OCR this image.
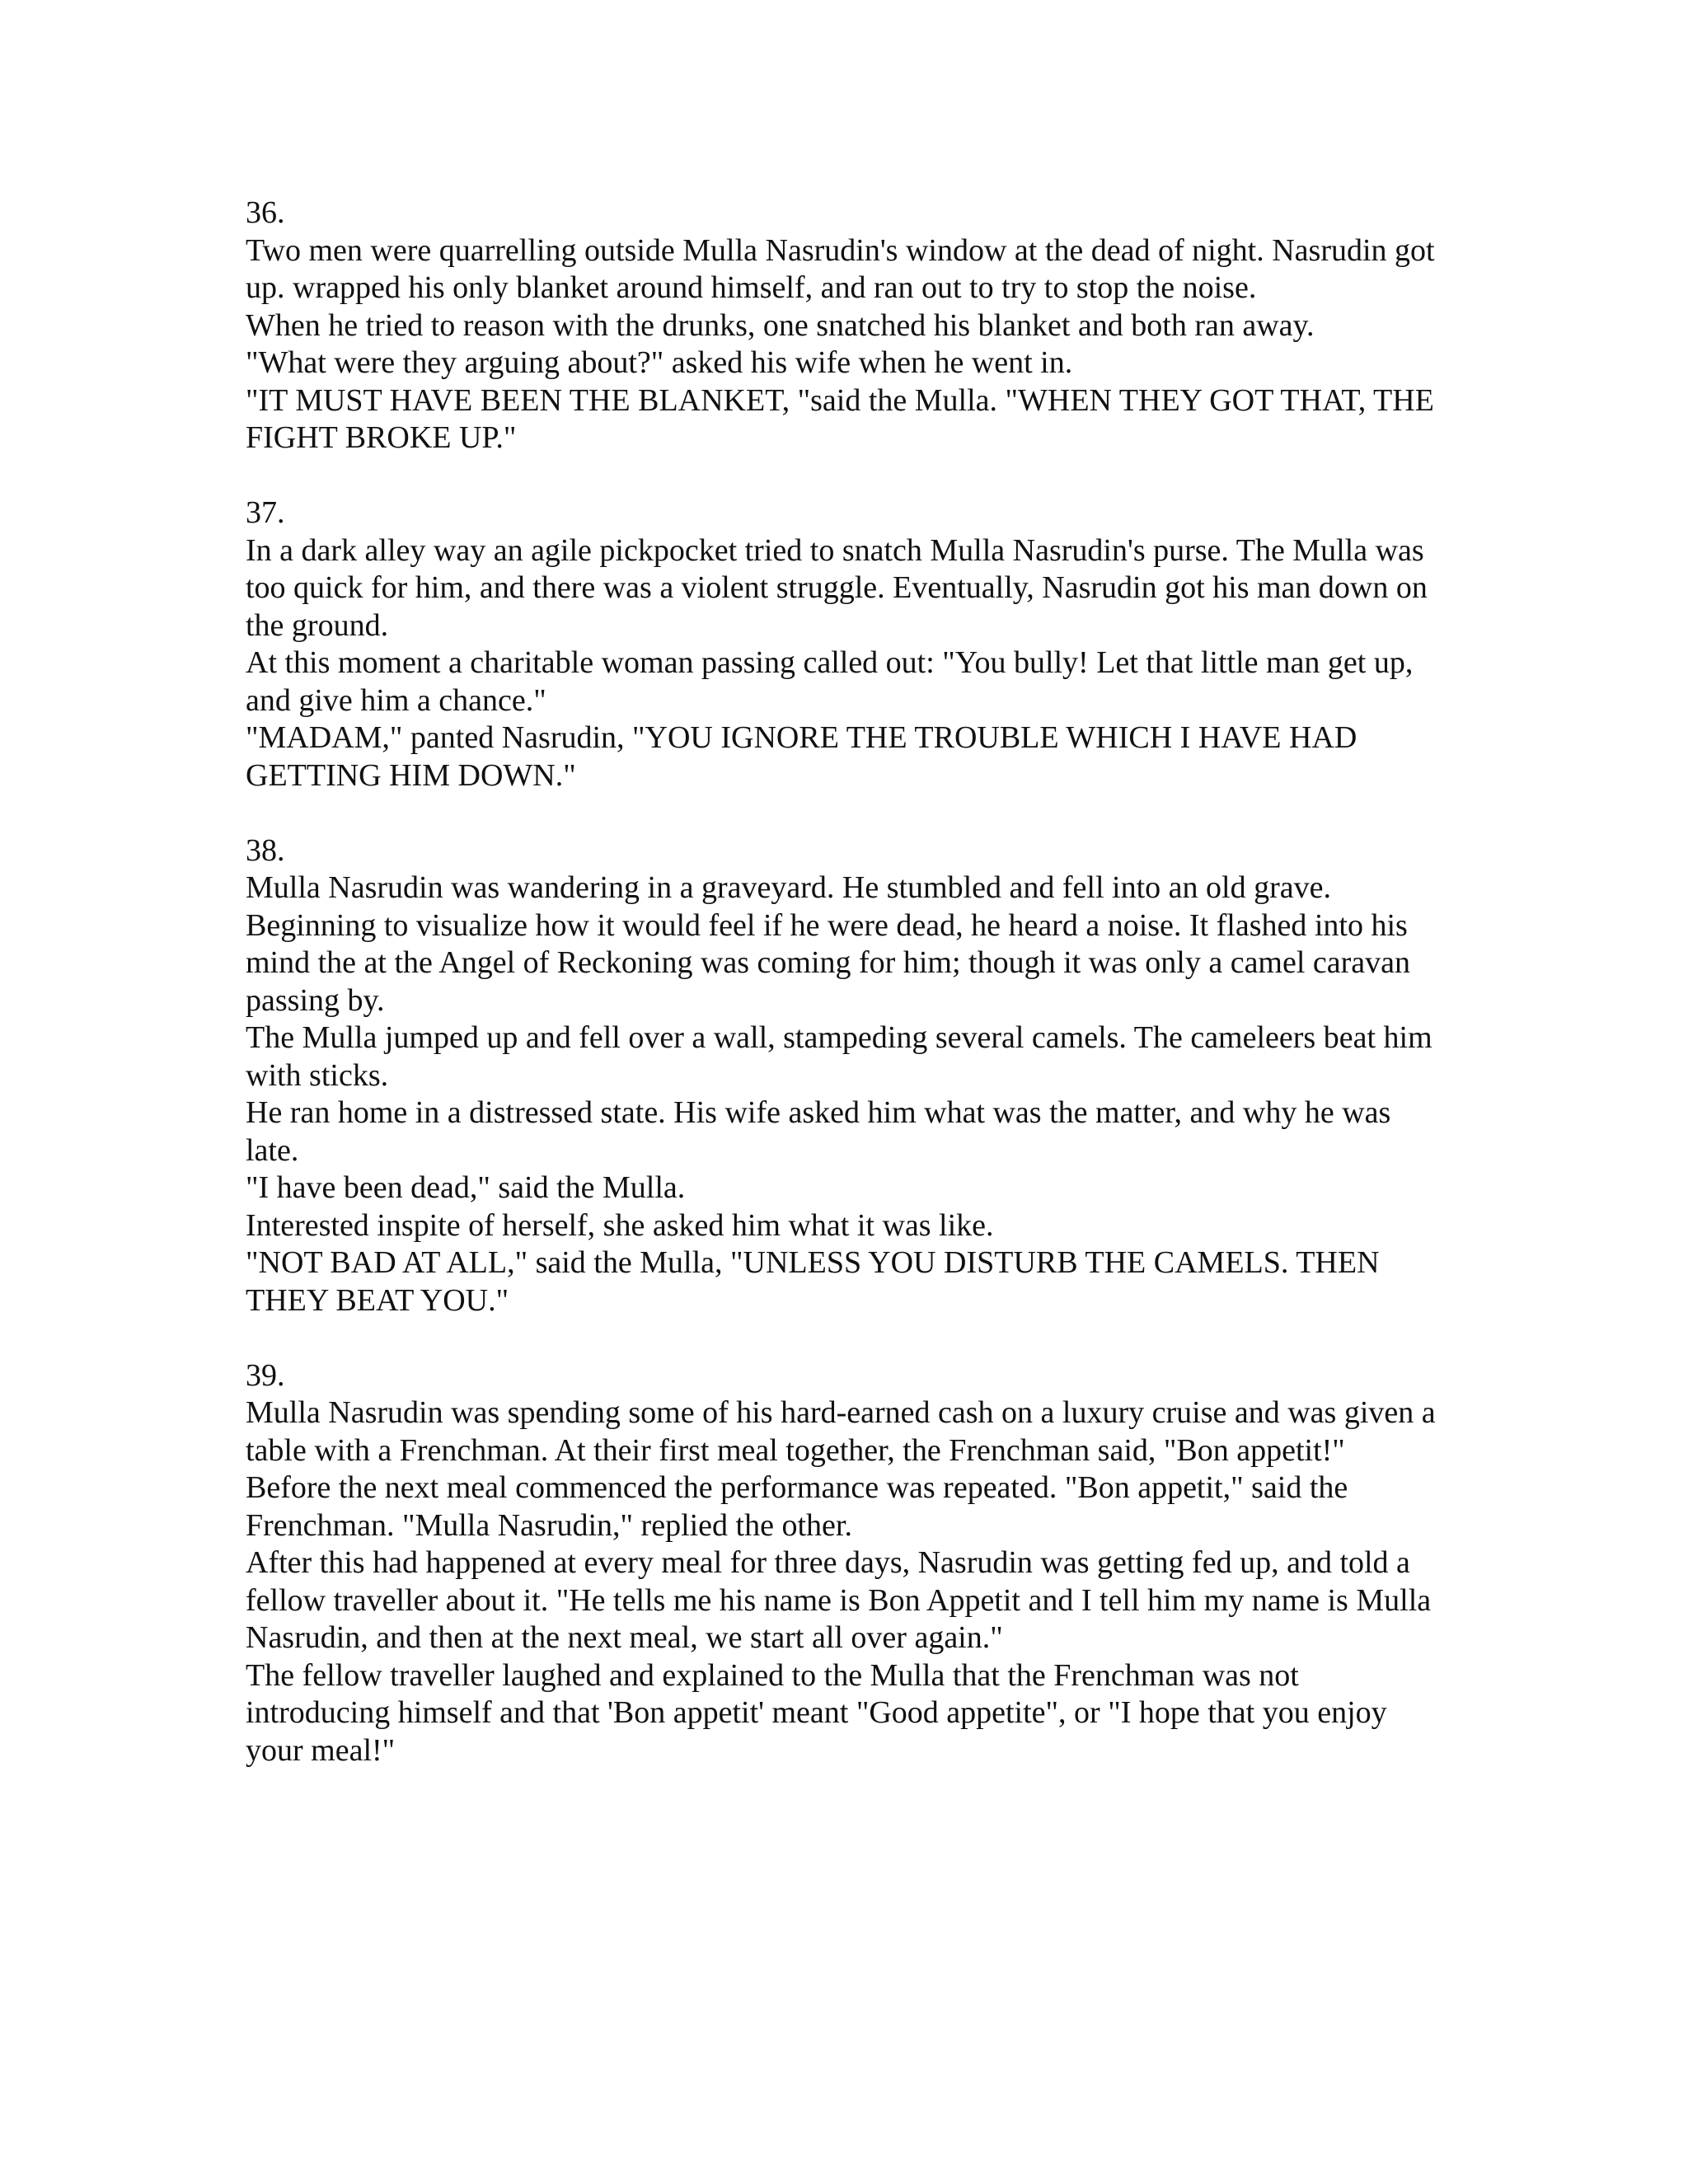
36.
Two men were quarrelling outside Mulla Nasrudin's window at the dead of night. Nasrudin got up. wrapped his only blanket around himself, and ran out to try to stop the noise.
When he tried to reason with the drunks, one snatched his blanket and both ran away.
"What were they arguing about?" asked his wife when he went in.
"IT MUST HAVE BEEN THE BLANKET, "said the Mulla. "WHEN THEY GOT THAT, THE FIGHT BROKE UP."
37.
In a dark alley way an agile pickpocket tried to snatch Mulla Nasrudin's purse. The Mulla was too quick for him, and there was a violent struggle. Eventually, Nasrudin got his man down on the ground.
At this moment a charitable woman passing called out: "You bully! Let that little man get up, and give him a chance."
"MADAM," panted Nasrudin, "YOU IGNORE THE TROUBLE WHICH I HAVE HAD GETTING HIM DOWN."
38.
Mulla Nasrudin was wandering in a graveyard. He stumbled and fell into an old grave. Beginning to visualize how it would feel if he were dead, he heard a noise. It flashed into his mind the at the Angel of Reckoning was coming for him; though it was only a camel caravan passing by.
The Mulla jumped up and fell over a wall, stampeding several camels. The cameleers beat him with sticks.
He ran home in a distressed state. His wife asked him what was the matter, and why he was late.
"I have been dead," said the Mulla.
Interested inspite of herself, she asked him what it was like.
"NOT BAD AT ALL," said the Mulla, "UNLESS YOU DISTURB THE CAMELS. THEN THEY BEAT YOU."
39.
Mulla Nasrudin was spending some of his hard-earned cash on a luxury cruise and was given a table with a Frenchman. At their first meal together, the Frenchman said, "Bon appetit!"
Before the next meal commenced the performance was repeated. "Bon appetit," said the Frenchman. "Mulla Nasrudin," replied the other.
After this had happened at every meal for three days, Nasrudin was getting fed up, and told a fellow traveller about it. "He tells me his name is Bon Appetit and I tell him my name is Mulla Nasrudin, and then at the next meal, we start all over again."
The fellow traveller laughed and explained to the Mulla that the Frenchman was not introducing himself and that 'Bon appetit' meant "Good appetite", or "I hope that you enjoy your meal!"
